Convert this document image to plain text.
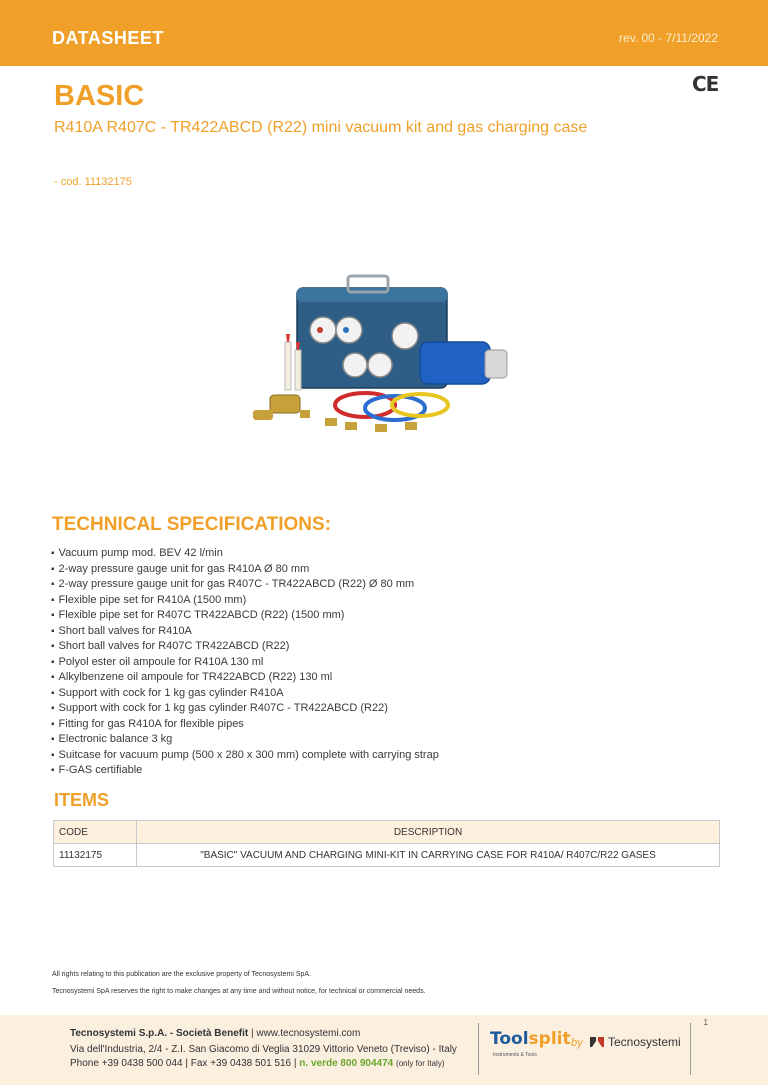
DATASHEET	rev. 00 - 7/11/2022
CE
BASIC
R410A R407C - TR422ABCD (R22) mini vacuum kit and gas charging case
- cod. 11132175
TECHNICAL SPECIFICATIONS:
▪ Vacuum pump mod. BEV 42 l/min
▪ 2-way pressure gauge unit for gas R410A Ø 80 mm
▪ 2-way pressure gauge unit for gas R407C - TR422ABCD (R22) Ø 80 mm
▪ Flexible pipe set for R410A (1500 mm)
▪ Flexible pipe set for R407C TR422ABCD (R22) (1500 mm)
▪ Short ball valves for R410A
▪ Short ball valves for R407C TR422ABCD (R22)
▪ Polyol ester oil ampoule for R410A 130 ml
▪ Alkylbenzene oil ampoule for TR422ABCD (R22) 130 ml
▪ Support with cock for 1 kg gas cylinder R410A
▪ Support with cock for 1 kg gas cylinder R407C - TR422ABCD (R22)
▪ Fitting for gas R410A for flexible pipes
▪ Electronic balance 3 kg
▪ Suitcase for vacuum pump (500 x 280 x 300 mm) complete with carrying strap
▪ F-GAS certifiable
ITEMS
CODE	DESCRIPTION
11132175	"BASIC" VACUUM AND CHARGING MINI-KIT IN CARRYING CASE FOR R410A/ R407C/R22 GASES
All rights relating to this publication are the exclusive property of Tecnosystemi SpA.
Tecnosystemi SpA reserves the right to make changes at any time and without notice, for technical or commercial needs.
1
Tecnosystemi S.p.A. - Società Benefit | www.tecnosystemi.com
Via dell'Industria, 2/4 - Z.I. San Giacomo di Veglia 31029 Vittorio Veneto (Treviso) - Italy
Phone +39 0438 500 044 | Fax +39 0438 501 516 | n. verde 800 904474 (only for Italy)
Toolsplit
Instruments & Tools
by	Tecnosystemi
